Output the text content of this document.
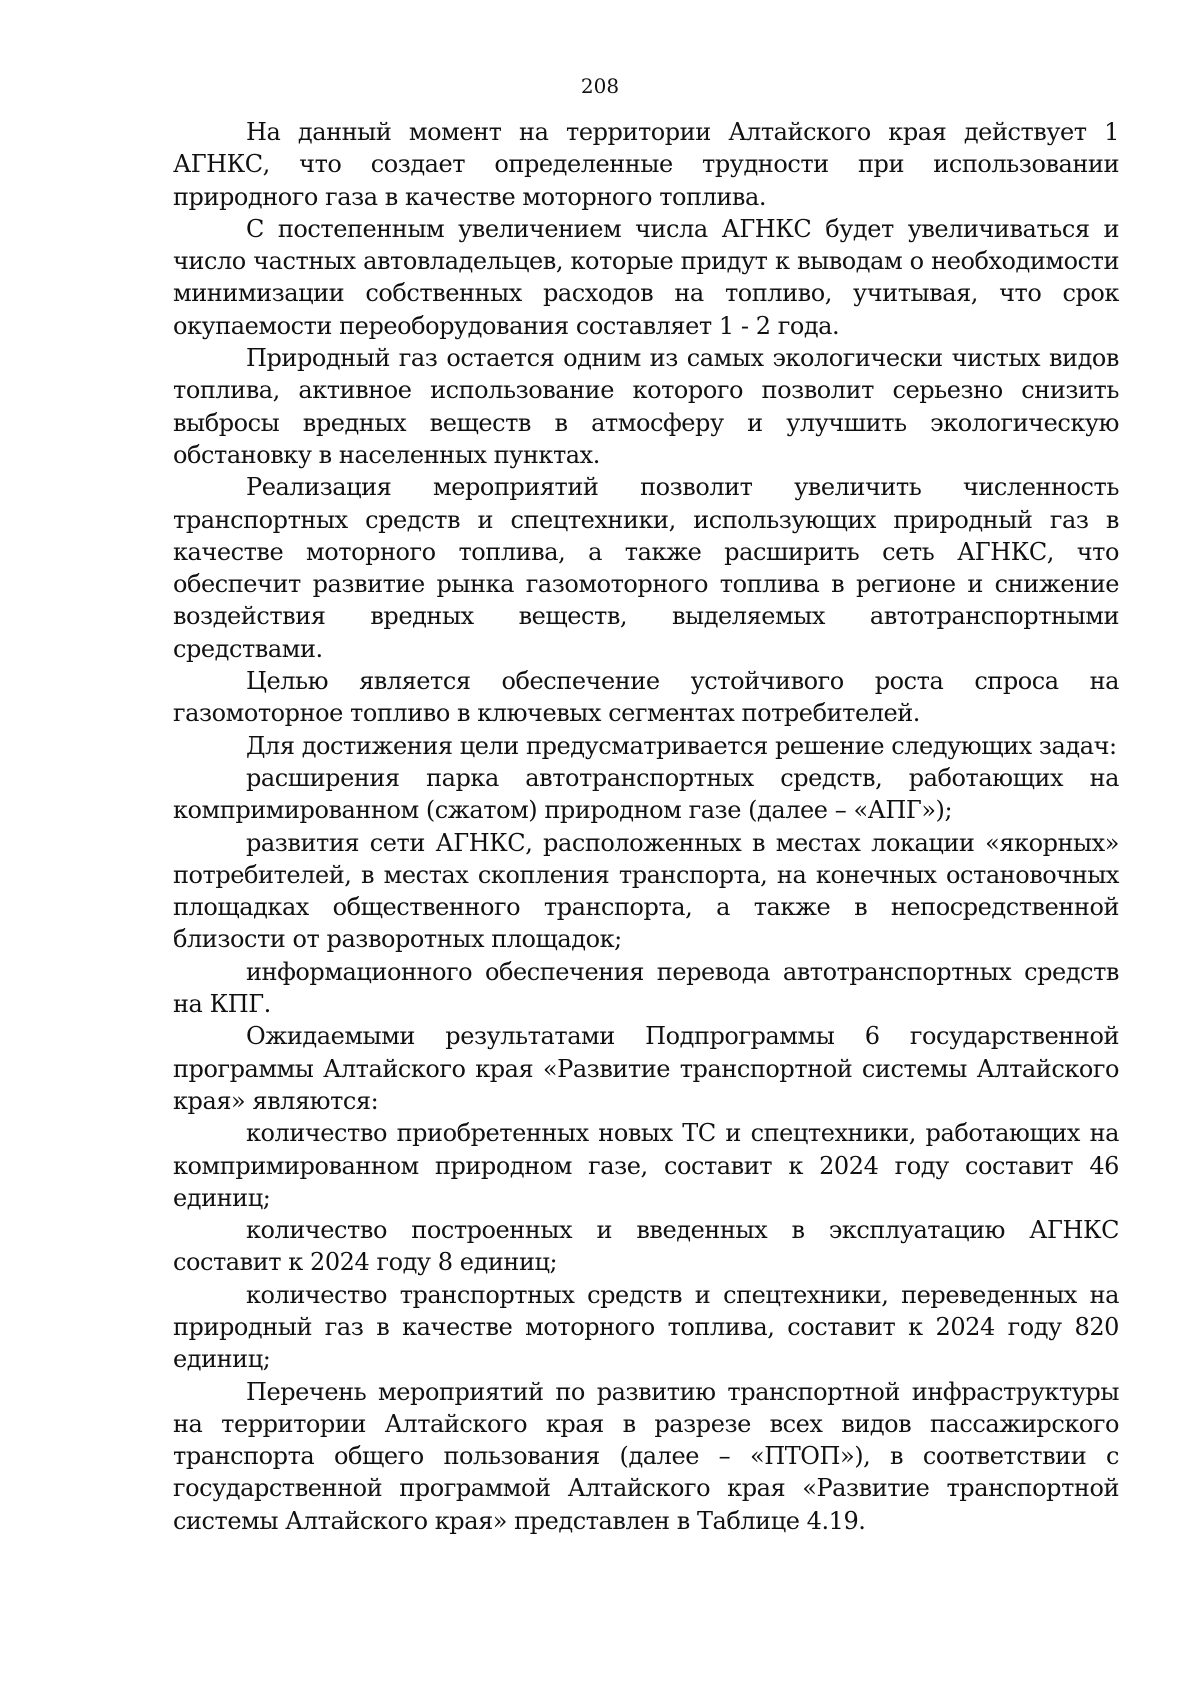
208

На данный момент на территории Алтайского края действует 1 АГНКС, что создает определенные трудности при использовании природного газа в качестве моторного топлива.

С постепенным увеличением числа АГНКС будет увеличиваться и число частных автовладельцев, которые придут к выводам о необходимости минимизации собственных расходов на топливо, учитывая, что срок окупаемости переоборудования составляет 1 - 2 года.

Природный газ остается одним из самых экологически чистых видов топлива, активное использование которого позволит серьезно снизить выбросы вредных веществ в атмосферу и улучшить экологическую обстановку в населенных пунктах.

Реализация мероприятий позволит увеличить численность транспортных средств и спецтехники, использующих природный газ в качестве моторного топлива, а также расширить сеть АГНКС, что обеспечит развитие рынка газомоторного топлива в регионе и снижение воздействия вредных веществ, выделяемых автотранспортными средствами.

Целью является обеспечение устойчивого роста спроса на газомоторное топливо в ключевых сегментах потребителей.

Для достижения цели предусматривается решение следующих задач:

расширения парка автотранспортных средств, работающих на компримированном (сжатом) природном газе (далее – «АПГ»);

развития сети АГНКС, расположенных в местах локации «якорных» потребителей, в местах скопления транспорта, на конечных остановочных площадках общественного транспорта, а также в непосредственной близости от разворотных площадок;

информационного обеспечения перевода автотранспортных средств на КПГ.

Ожидаемыми результатами Подпрограммы 6 государственной программы Алтайского края «Развитие транспортной системы Алтайского края» являются:

количество приобретенных новых ТС и спецтехники, работающих на компримированном природном газе, составит к 2024 году составит 46 единиц;

количество построенных и введенных в эксплуатацию АГНКС составит к 2024 году 8 единиц;

количество транспортных средств и спецтехники, переведенных на природный газ в качестве моторного топлива, составит к 2024 году 820 единиц;

Перечень мероприятий по развитию транспортной инфраструктуры на территории Алтайского края в разрезе всех видов пассажирского транспорта общего пользования (далее – «ПТОП»), в соответствии с государственной программой Алтайского края «Развитие транспортной системы Алтайского края» представлен в Таблице 4.19.
